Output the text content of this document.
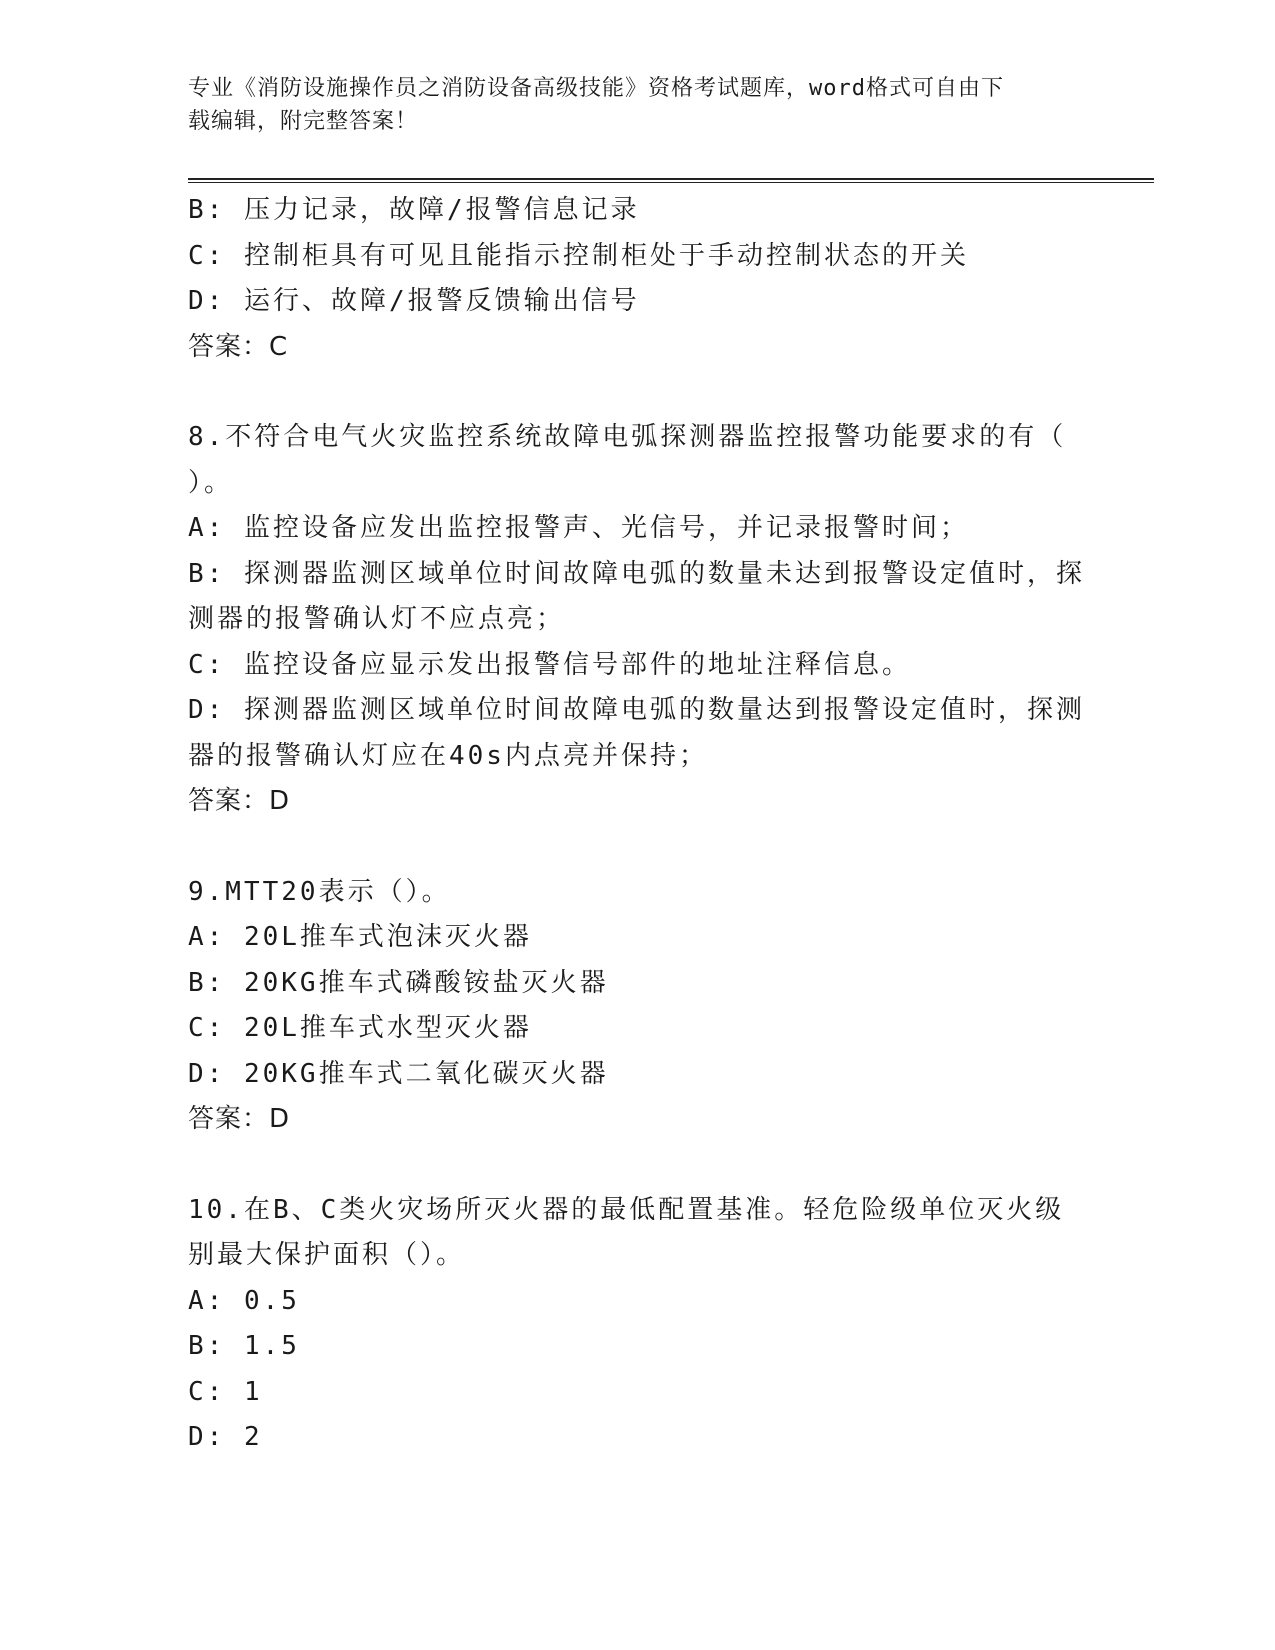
专业《消防设施操作员之消防设备高级技能》资格考试题库，word格式可自由下
载编辑，附完整答案！
B: 压力记录，故障/报警信息记录
C: 控制柜具有可见且能指示控制柜处于手动控制状态的开关
D: 运行、故障/报警反馈输出信号
答案：C
8.不符合电气火灾监控系统故障电弧探测器监控报警功能要求的有（
）。
A: 监控设备应发出监控报警声、光信号，并记录报警时间；
B: 探测器监测区域单位时间故障电弧的数量未达到报警设定值时，探
测器的报警确认灯不应点亮；
C: 监控设备应显示发出报警信号部件的地址注释信息。
D: 探测器监测区域单位时间故障电弧的数量达到报警设定值时，探测
器的报警确认灯应在40s内点亮并保持；
答案：D
9.MTT20表示（）。
A: 20L推车式泡沫灭火器
B: 20KG推车式磷酸铵盐灭火器
C: 20L推车式水型灭火器
D: 20KG推车式二氧化碳灭火器
答案：D
10.在B、C类火灾场所灭火器的最低配置基准。轻危险级单位灭火级
别最大保护面积（）。
A: 0.5
B: 1.5
C: 1
D: 2
